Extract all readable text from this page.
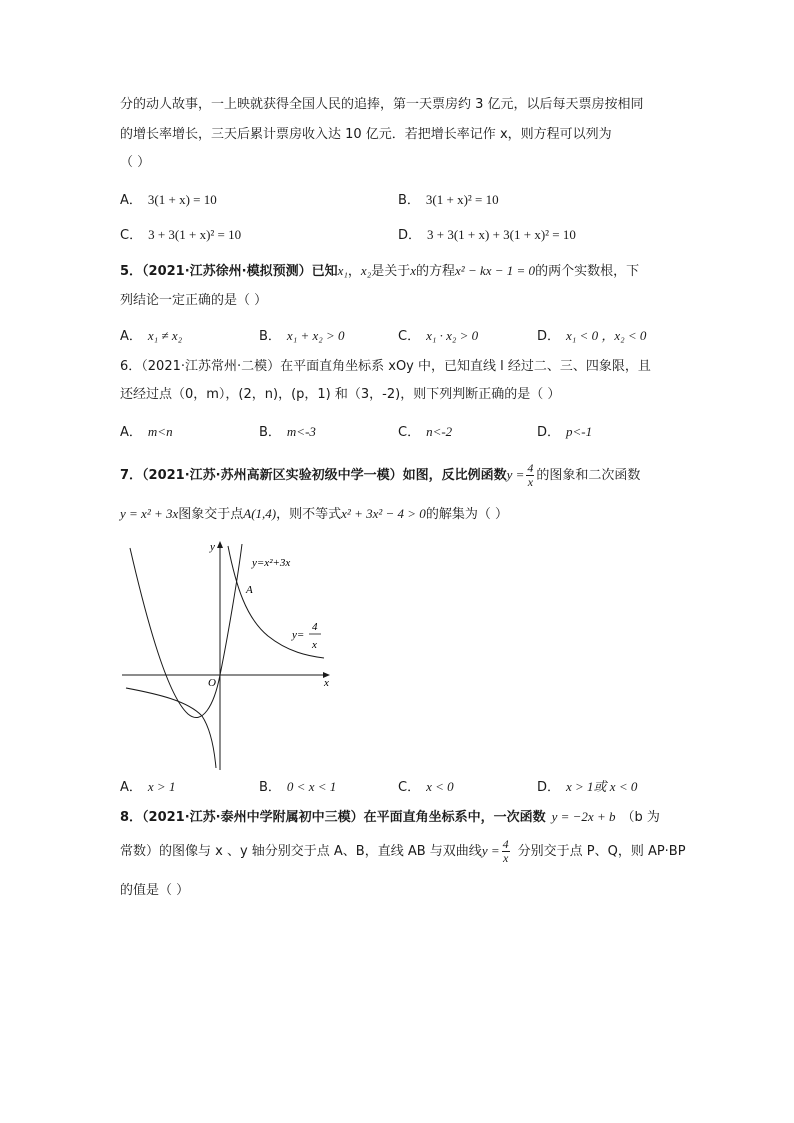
分的动人故事，一上映就获得全国人民的追捧，第一天票房约 3 亿元，以后每天票房按相同
的增长率增长，三天后累计票房收入达 10 亿元．若把增长率记作 x，则方程可以列为
（ ）
A． 3(1 + x) = 10	B． 3(1 + x)² = 10
C． 3 + 3(1 + x)² = 10	D． 3 + 3(1 + x) + 3(1 + x)² = 10
5．（2021·江苏徐州·模拟预测）已知x₁，x₂是关于x的方程x² − kx − 1 = 0的两个实数根，下
列结论一定正确的是（ ）
A． x₁ ≠ x₂	B． x₁ + x₂ > 0	C． x₁ · x₂ > 0	D． x₁ < 0 ，x₂ < 0
6．（2021·江苏常州·二模）在平面直角坐标系 xOy 中，已知直线 l 经过二、三、四象限，且
还经过点（0，m），(2，n)，(p，1) 和（3，-2)，则下列判断正确的是（ ）
A． m<n	B． m<-3	C． n<-2	D． p<-1
7．（2021·江苏·苏州高新区实验初级中学一模）如图，反比例函数$y = \frac{4}{x}$ 的图象和二次函数
y = x² + 3x图象交于点A(1,4)，则不等式x² + 3x² − 4 > 0的解集为（ ）
y
x
O
y=x²+3x
A
y=
4
x
A． x > 1	B． 0 < x < 1	C． x < 0	D． x > 1或 x < 0
8．（2021·江苏·泰州中学附属初中三模）在平面直角坐标系中，一次函数 y = −2x + b （b 为
常数）的图像与 x 、y 轴分别交于点 A、B，直线 AB 与双曲线$y = \frac{4}{x}$ 分别交于点 P、Q，则 AP·BP
的值是（ ）
